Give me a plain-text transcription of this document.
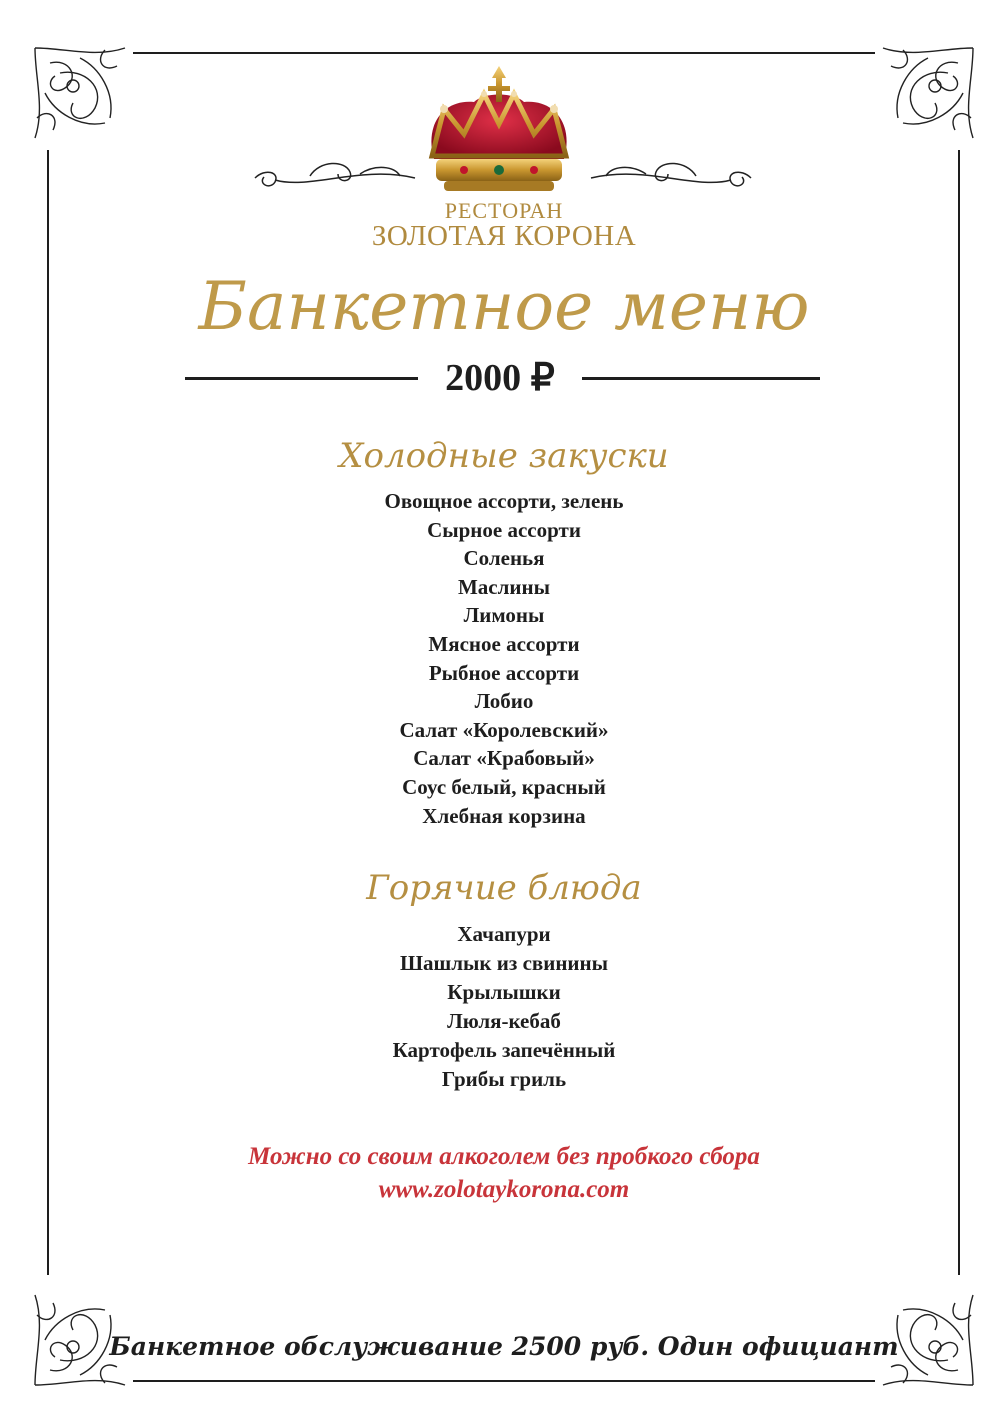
РЕСТОРАН
ЗОЛОТАЯ КОРОНА
Банкетное меню
2000 ₽
Холодные закуски
Овощное ассорти, зелень
Сырное ассорти
Соленья
Маслины
Лимоны
Мясное ассорти
Рыбное ассорти
Лобио
Салат «Королевский»
Салат «Крабовый»
Соус белый, красный
Хлебная корзина
Горячие блюда
Хачапури
Шашлык из свинины
Крылышки
Люля-кебаб
Картофель запечённый
Грибы гриль
Можно со своим алкоголем без пробкого сбора
www.zolotaykorona.com
Банкетное обслуживание 2500 руб. Один официант
